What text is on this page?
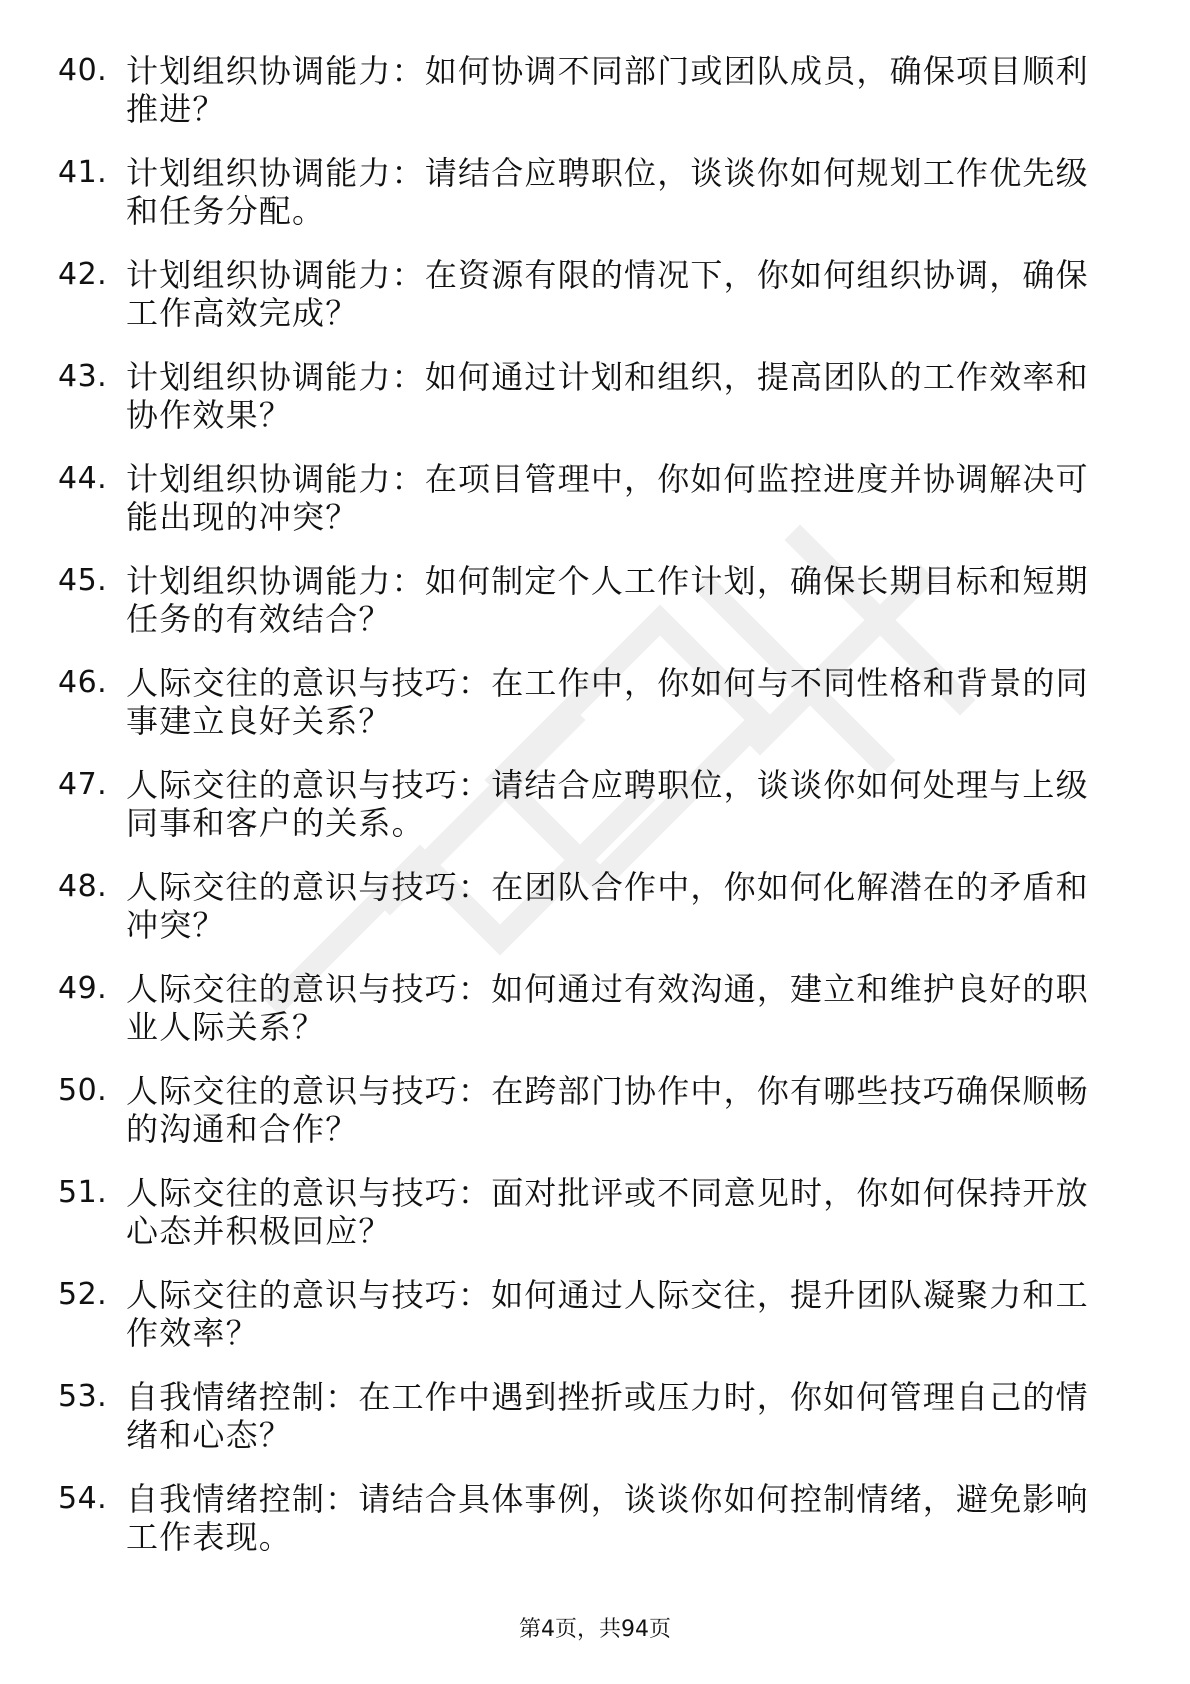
40. 计划组织协调能力：如何协调不同部门或团队成员，确保项目顺利推进？
41. 计划组织协调能力：请结合应聘职位，谈谈你如何规划工作优先级和任务分配。
42. 计划组织协调能力：在资源有限的情况下，你如何组织协调，确保工作高效完成？
43. 计划组织协调能力：如何通过计划和组织，提高团队的工作效率和协作效果？
44. 计划组织协调能力：在项目管理中，你如何监控进度并协调解决可能出现的冲突？
45. 计划组织协调能力：如何制定个人工作计划，确保长期目标和短期任务的有效结合？
46. 人际交往的意识与技巧：在工作中，你如何与不同性格和背景的同事建立良好关系？
47. 人际交往的意识与技巧：请结合应聘职位，谈谈你如何处理与上级同事和客户的关系。
48. 人际交往的意识与技巧：在团队合作中，你如何化解潜在的矛盾和冲突？
49. 人际交往的意识与技巧：如何通过有效沟通，建立和维护良好的职业人际关系？
50. 人际交往的意识与技巧：在跨部门协作中，你有哪些技巧确保顺畅的沟通和合作？
51. 人际交往的意识与技巧：面对批评或不同意见时，你如何保持开放心态并积极回应？
52. 人际交往的意识与技巧：如何通过人际交往，提升团队凝聚力和工作效率？
53. 自我情绪控制：在工作中遇到挫折或压力时，你如何管理自己的情绪和心态？
54. 自我情绪控制：请结合具体事例，谈谈你如何控制情绪，避免影响工作表现。
第4页，共94页
